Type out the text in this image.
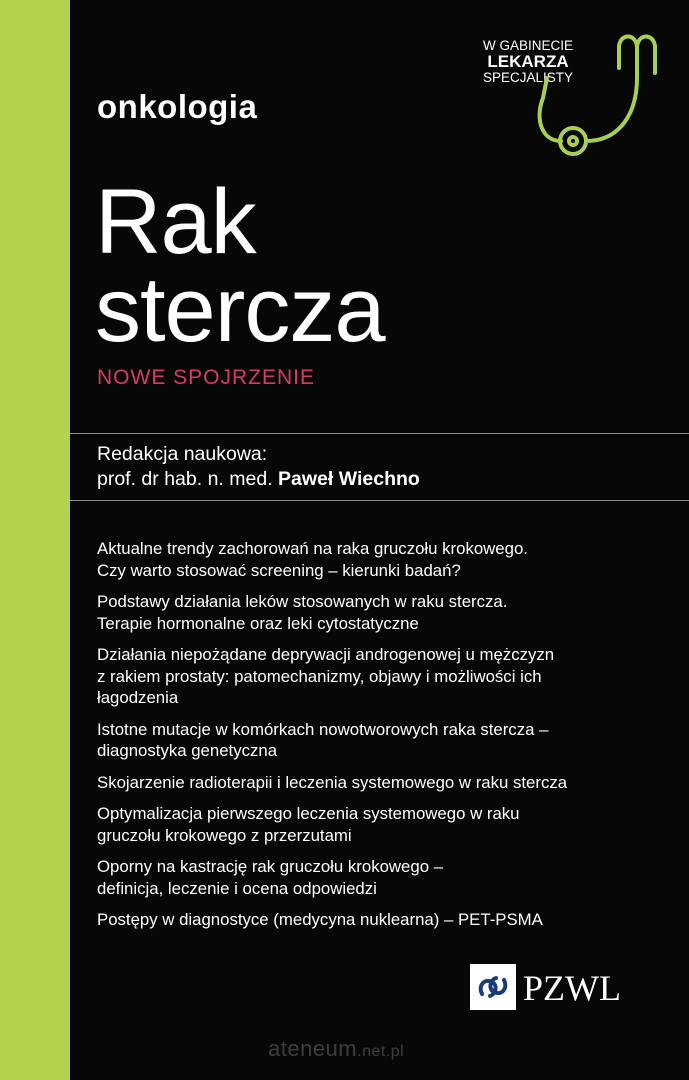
onkologia
W GABINECIE
LEKARZA
SPECJALISTY
Rak
stercza
NOWE SPOJRZENIE
Redakcja naukowa:
prof. dr hab. n. med. Paweł Wiechno
Aktualne trendy zachorowań na raka gruczołu krokowego.
Czy warto stosować screening – kierunki badań?
Podstawy działania leków stosowanych w raku stercza.
Terapie hormonalne oraz leki cytostatyczne
Działania niepożądane deprywacji androgenowej u mężczyzn
z rakiem prostaty: patomechanizmy, objawy i możliwości ich
łagodzenia
Istotne mutacje w komórkach nowotworowych raka stercza –
diagnostyka genetyczna
Skojarzenie radioterapii i leczenia systemowego w raku stercza
Optymalizacja pierwszego leczenia systemowego w raku
gruczołu krokowego z przerzutami
Oporny na kastrację rak gruczołu krokowego –
definicja, leczenie i ocena odpowiedzi
Postępy w diagnostyce (medycyna nuklearna) – PET-PSMA
PZWL
ateneum.net.pl
